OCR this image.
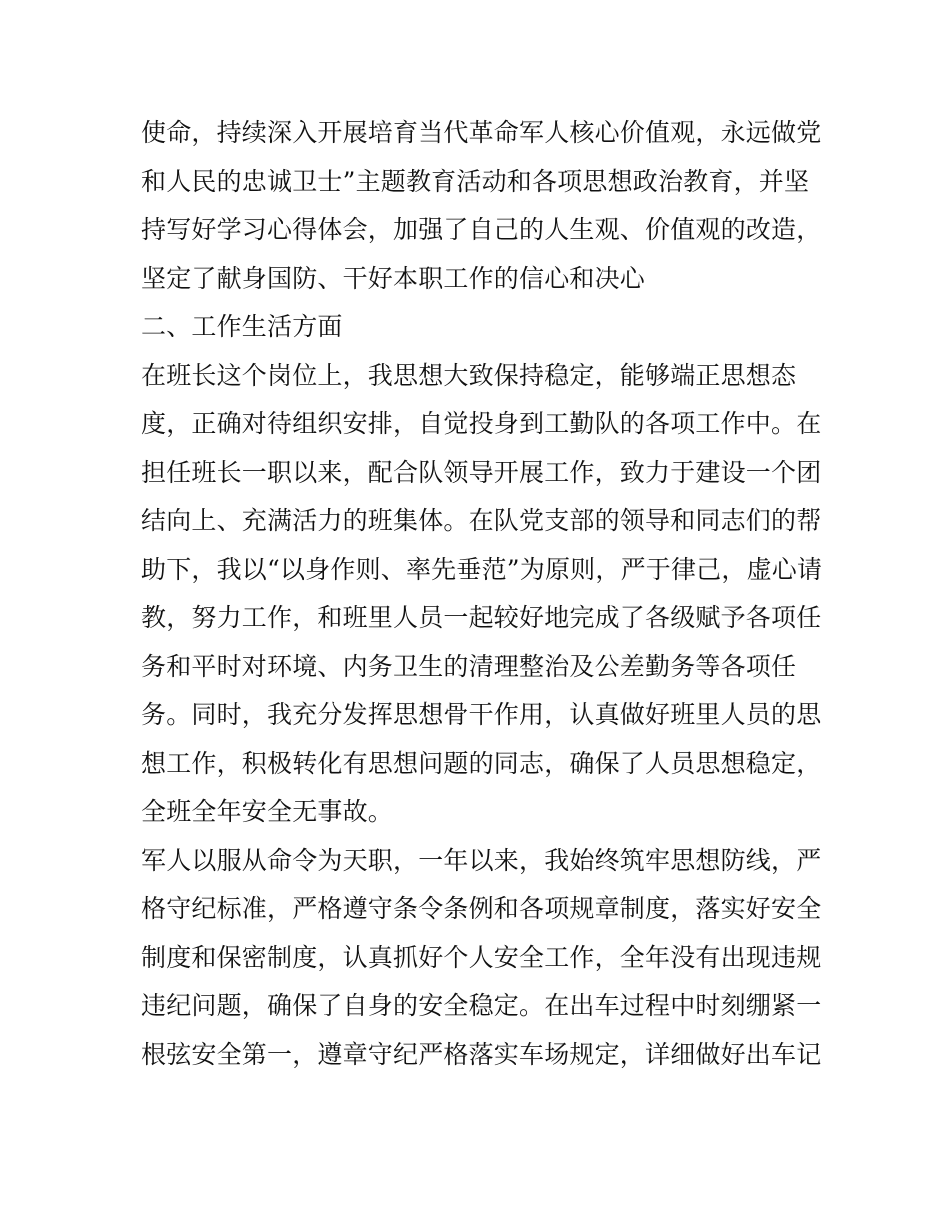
使命，持续深入开展培育当代革命军人核心价值观，永远做党
和人民的忠诚卫士”主题教育活动和各项思想政治教育，并坚
持写好学习心得体会，加强了自己的人生观、价值观的改造，
坚定了献身国防、干好本职工作的信心和决心
二、工作生活方面
在班长这个岗位上，我思想大致保持稳定，能够端正思想态
度，正确对待组织安排，自觉投身到工勤队的各项工作中。在
担任班长一职以来，配合队领导开展工作，致力于建设一个团
结向上、充满活力的班集体。在队党支部的领导和同志们的帮
助下，我以“以身作则、率先垂范”为原则，严于律己，虚心请
教，努力工作，和班里人员一起较好地完成了各级赋予各项任
务和平时对环境、内务卫生的清理整治及公差勤务等各项任
务。同时，我充分发挥思想骨干作用，认真做好班里人员的思
想工作，积极转化有思想问题的同志，确保了人员思想稳定，
全班全年安全无事故。
军人以服从命令为天职，一年以来，我始终筑牢思想防线，严
格守纪标准，严格遵守条令条例和各项规章制度，落实好安全
制度和保密制度，认真抓好个人安全工作，全年没有出现违规
违纪问题，确保了自身的安全稳定。在出车过程中时刻绷紧一
根弦安全第一，遵章守纪严格落实车场规定，详细做好出车记
